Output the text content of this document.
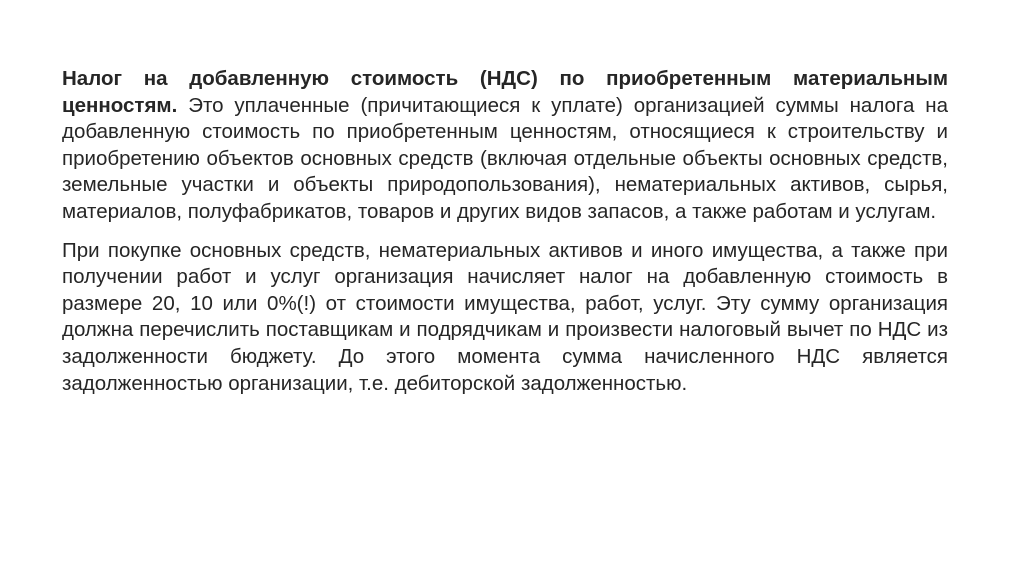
Налог на добавленную стоимость (НДС) по приобретенным материальным ценностям. Это уплаченные (причитающиеся к уплате) организацией суммы налога на добавленную стоимость по приобретенным ценностям, относящиеся к строительству и приобретению объектов основных средств (включая отдельные объекты основных средств, земельные участки и объекты природопользования), нематериальных активов, сырья, материалов, полуфабрикатов, товаров и других видов запасов, а также работам и услугам.

При покупке основных средств, нематериальных активов и иного имущества, а также при получении работ и услуг организация начисляет налог на добавленную стоимость в размере 20, 10 или 0%(!) от стоимости имущества, работ, услуг. Эту сумму организация должна перечислить поставщикам и подрядчикам и произвести налоговый вычет по НДС из задолженности бюджету. До этого момента сумма начисленного НДС является задолженностью организации, т.е. дебиторской задолженностью.
